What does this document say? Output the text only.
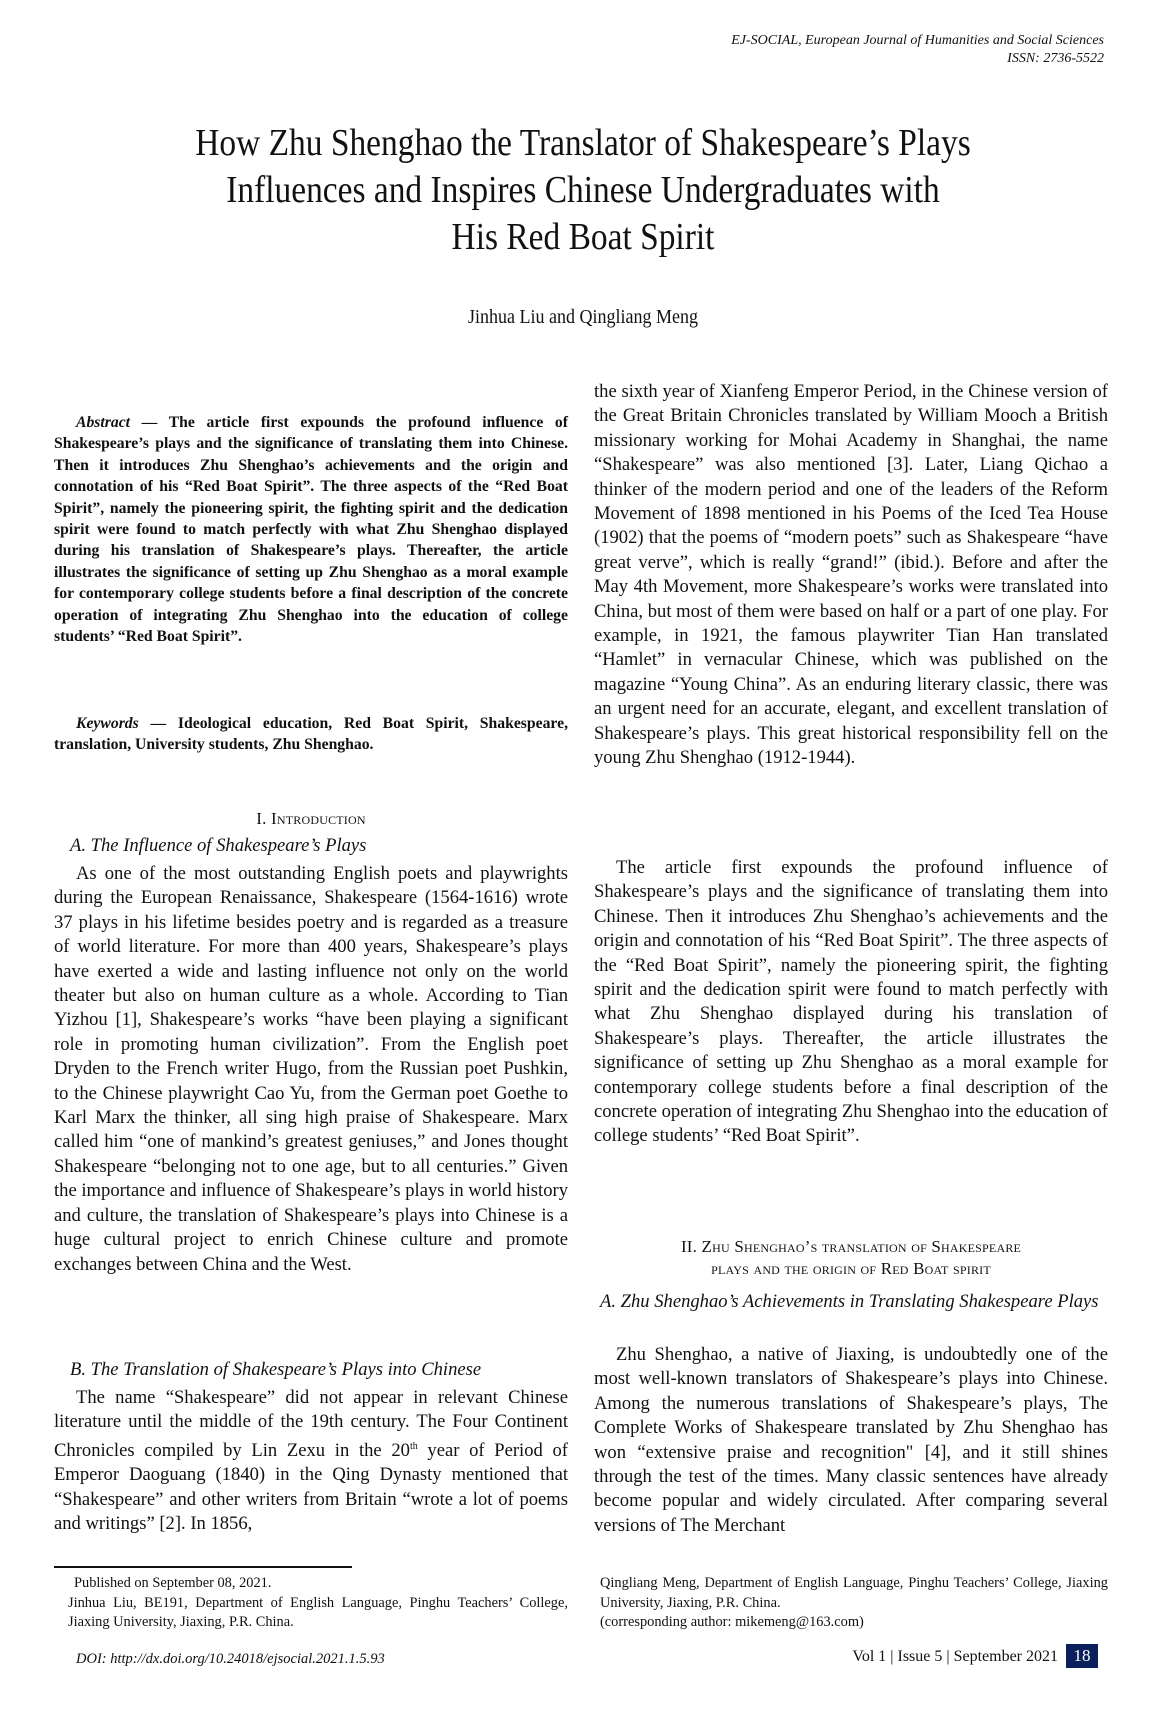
EJ-SOCIAL, European Journal of Humanities and Social Sciences
ISSN: 2736-5522
How Zhu Shenghao the Translator of Shakespeare’s Plays
Influences and Inspires Chinese Undergraduates with
His Red Boat Spirit
Jinhua Liu and Qingliang Meng
Abstract — The article first expounds the profound influence of Shakespeare’s plays and the significance of translating them into Chinese. Then it introduces Zhu Shenghao’s achievements and the origin and connotation of his “Red Boat Spirit”. The three aspects of the “Red Boat Spirit”, namely the pioneering spirit, the fighting spirit and the dedication spirit were found to match perfectly with what Zhu Shenghao displayed during his translation of Shakespeare’s plays. Thereafter, the article illustrates the significance of setting up Zhu Shenghao as a moral example for contemporary college students before a final description of the concrete operation of integrating Zhu Shenghao into the education of college students’ “Red Boat Spirit”.
Keywords — Ideological education, Red Boat Spirit, Shakespeare, translation, University students, Zhu Shenghao.
I. Introduction
A. The Influence of Shakespeare’s Plays

As one of the most outstanding English poets and playwrights during the European Renaissance, Shakespeare (1564-1616) wrote 37 plays in his lifetime besides poetry and is regarded as a treasure of world literature. For more than 400 years, Shakespeare’s plays have exerted a wide and lasting influence not only on the world theater but also on human culture as a whole. According to Tian Yizhou [1], Shakespeare’s works “have been playing a significant role in promoting human civilization”. From the English poet Dryden to the French writer Hugo, from the Russian poet Pushkin, to the Chinese playwright Cao Yu, from the German poet Goethe to Karl Marx the thinker, all sing high praise of Shakespeare. Marx called him “one of mankind’s greatest geniuses,” and Jones thought Shakespeare “belonging not to one age, but to all centuries.” Given the importance and influence of Shakespeare’s plays in world history and culture, the translation of Shakespeare’s plays into Chinese is a huge cultural project to enrich Chinese culture and promote exchanges between China and the West.

B. The Translation of Shakespeare’s Plays into Chinese

The name “Shakespeare” did not appear in relevant Chinese literature until the middle of the 19th century. The Four Continent Chronicles compiled by Lin Zexu in the 20th year of Period of Emperor Daoguang (1840) in the Qing Dynasty mentioned that “Shakespeare” and other writers from Britain “wrote a lot of poems and writings” [2]. In 1856,

Published on September 08, 2021.
Jinhua Liu, BE191, Department of English Language, Pinghu Teachers’ College, Jiaxing University, Jiaxing, P.R. China.

the sixth year of Xianfeng Emperor Period, in the Chinese version of the Great Britain Chronicles translated by William Mooch a British missionary working for Mohai Academy in Shanghai, the name “Shakespeare” was also mentioned [3]. Later, Liang Qichao a thinker of the modern period and one of the leaders of the Reform Movement of 1898 mentioned in his Poems of the Iced Tea House (1902) that the poems of “modern poets” such as Shakespeare “have great verve”, which is really “grand!” (ibid.). Before and after the May 4th Movement, more Shakespeare’s works were translated into China, but most of them were based on half or a part of one play. For example, in 1921, the famous playwriter Tian Han translated “Hamlet” in vernacular Chinese, which was published on the magazine “Young China”. As an enduring literary classic, there was an urgent need for an accurate, elegant, and excellent translation of Shakespeare’s plays. This great historical responsibility fell on the young Zhu Shenghao (1912-1944).

The article first expounds the profound influence of Shakespeare’s plays and the significance of translating them into Chinese. Then it introduces Zhu Shenghao’s achievements and the origin and connotation of his “Red Boat Spirit”. The three aspects of the “Red Boat Spirit”, namely the pioneering spirit, the fighting spirit and the dedication spirit were found to match perfectly with what Zhu Shenghao displayed during his translation of Shakespeare’s plays. Thereafter, the article illustrates the significance of setting up Zhu Shenghao as a moral example for contemporary college students before a final description of the concrete operation of integrating Zhu Shenghao into the education of college students’ “Red Boat Spirit”.

II. Zhu Shenghao’s translation of Shakespeare
plays and the origin of Red Boat spirit
A. Zhu Shenghao’s Achievements in Translating Shakespeare Plays

Zhu Shenghao, a native of Jiaxing, is undoubtedly one of the most well-known translators of Shakespeare’s plays into Chinese. Among the numerous translations of Shakespeare’s plays, The Complete Works of Shakespeare translated by Zhu Shenghao has won “extensive praise and recognition" [4], and it still shines through the test of the times. Many classic sentences have already become popular and widely circulated. After comparing several versions of The Merchant

Qingliang Meng, Department of English Language, Pinghu Teachers’ College, Jiaxing University, Jiaxing, P.R. China.
(corresponding author: mikemeng@163.com)
DOI: http://dx.doi.org/10.24018/ejsocial.2021.1.5.93	Vol 1 | Issue 5 | September 2021 18
